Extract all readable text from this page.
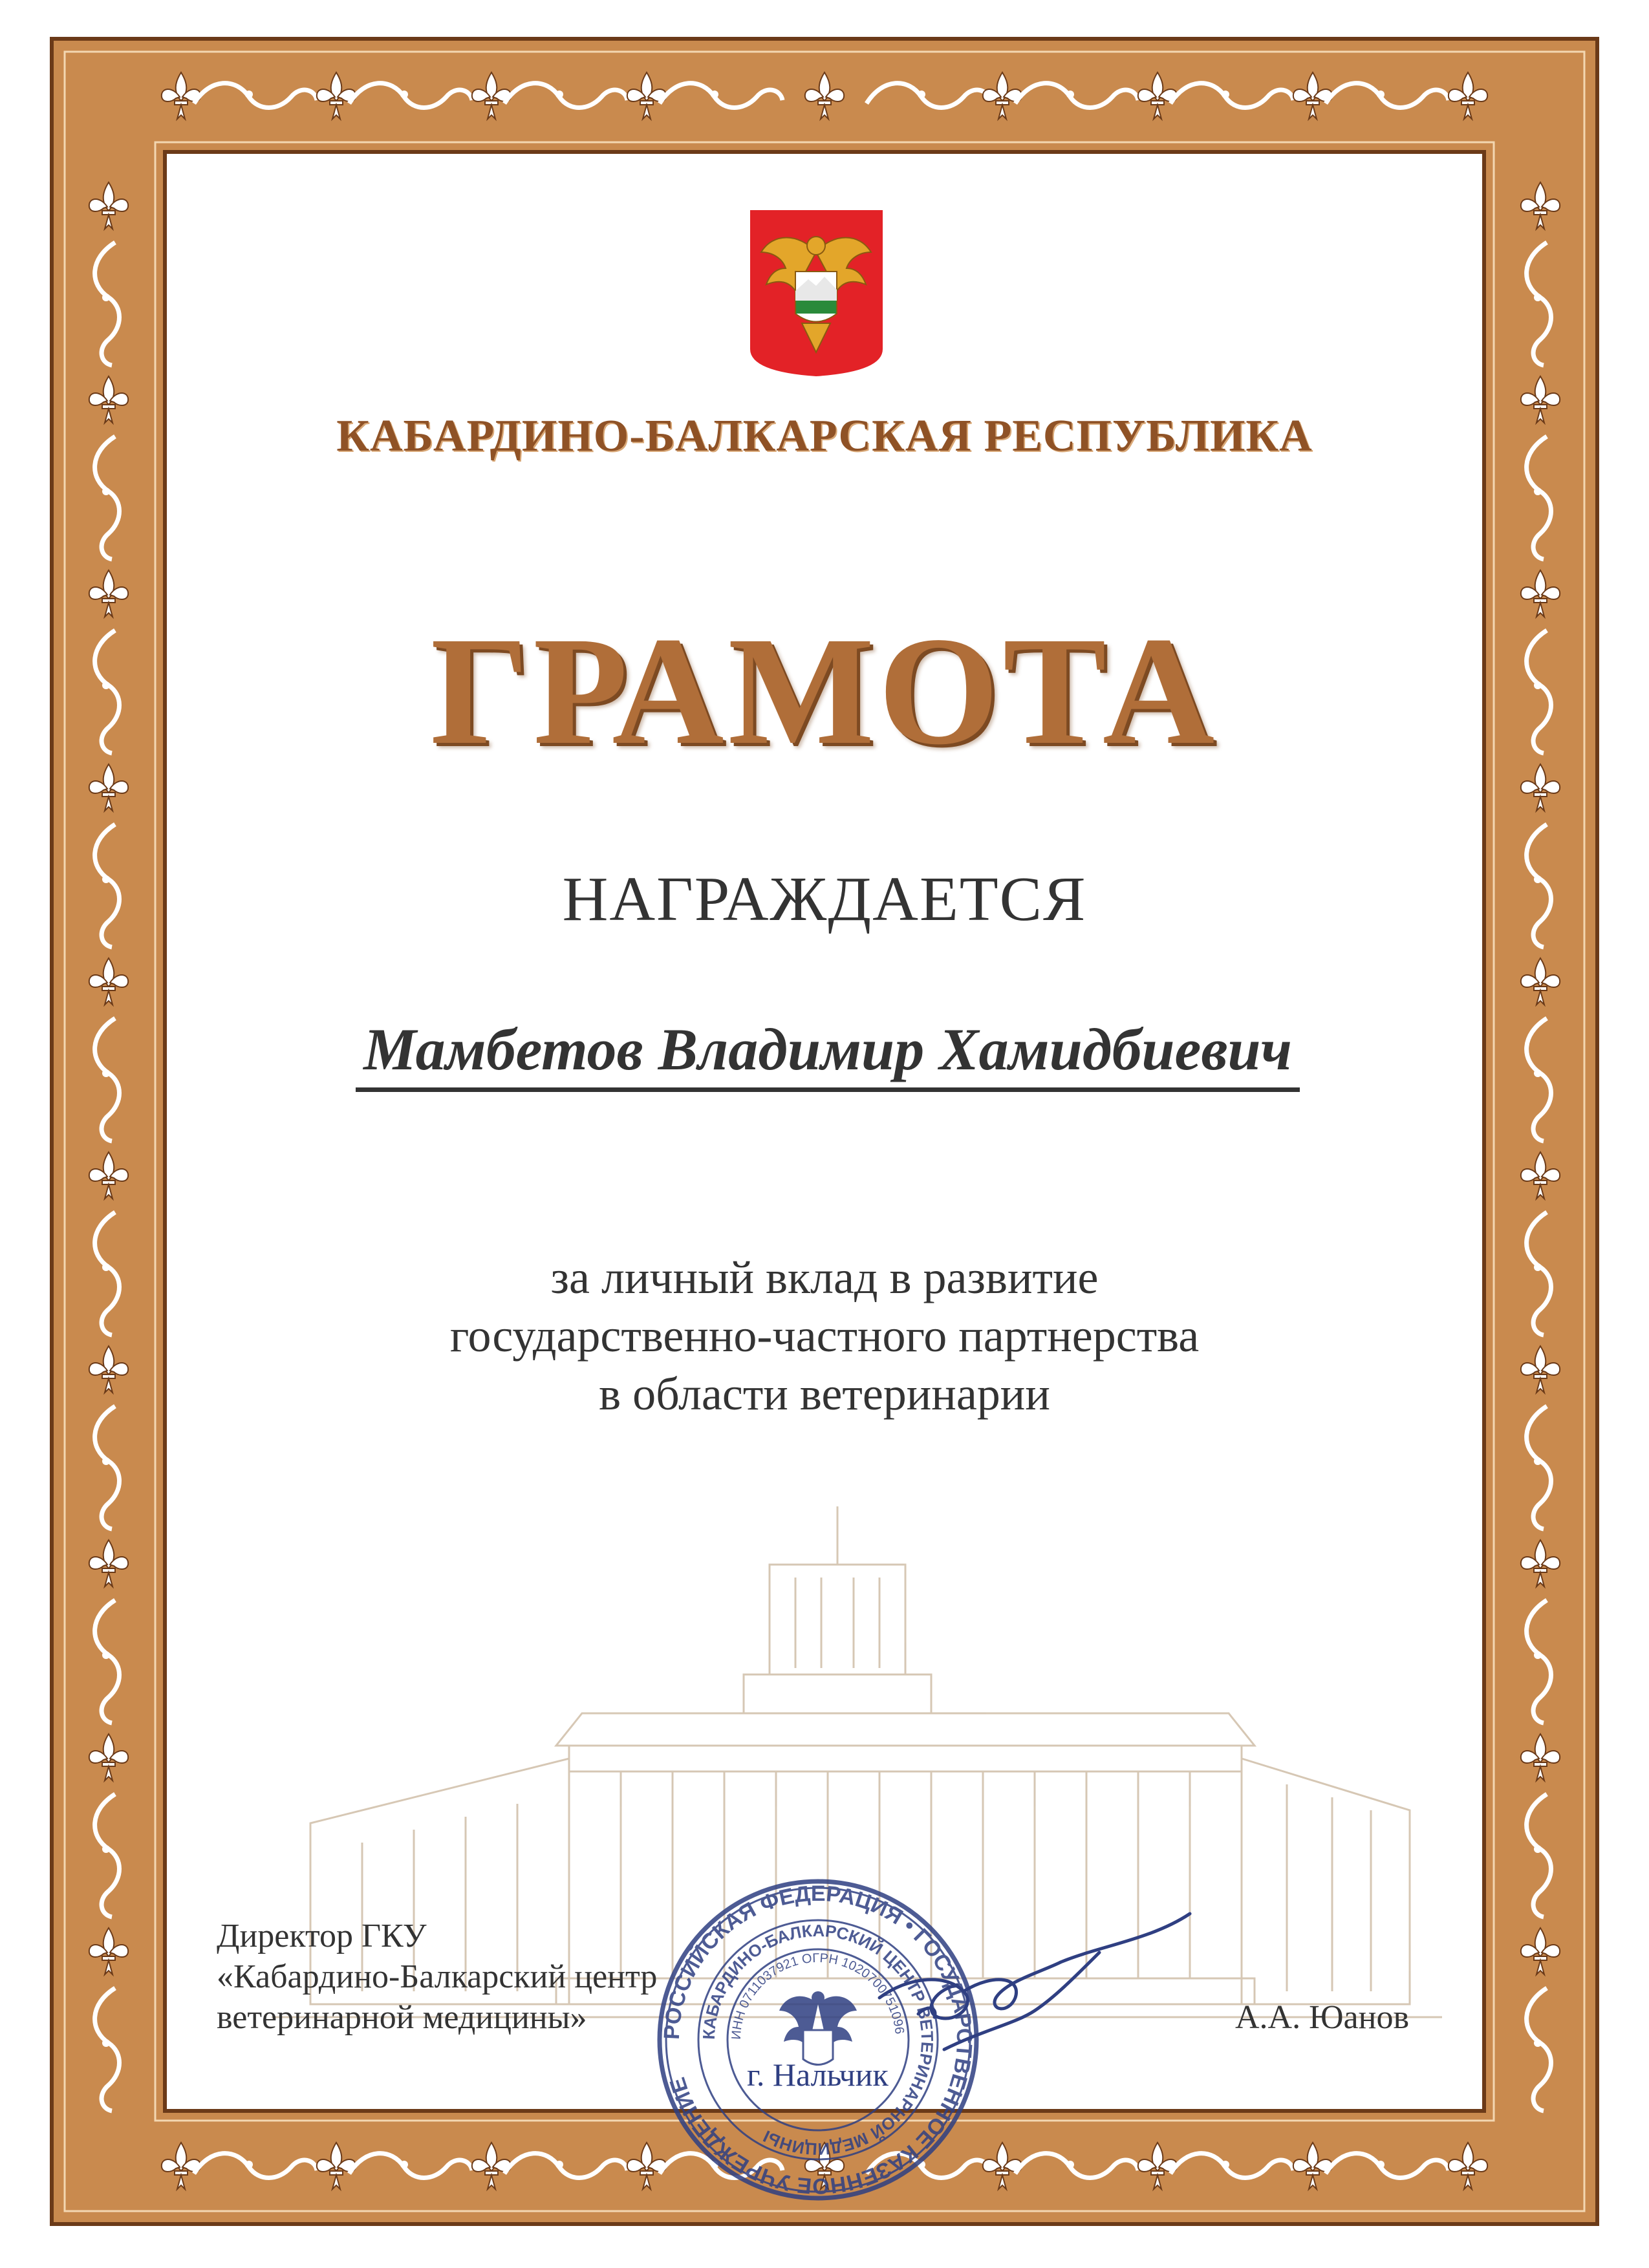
КАБАРДИНО-БАЛКАРСКАЯ РЕСПУБЛИКА

ГРАМОТА

НАГРАЖДАЕТСЯ

Мамбетов Владимир Хамидбиевич

за личный вклад в развитие

государственно-частного партнерства

в области ветеринарии

Директор ГКУ

«Кабардино-Балкарский центр

ветеринарной медицины»	А.А. Юанов

РОССИЙСКАЯ ФЕДЕРАЦИЯ • ГОСУДАРСТВЕННОЕ КАЗЕННОЕ УЧРЕЖДЕНИЕ
КАБАРДИНО-БАЛКАРСКИЙ ЦЕНТР ВЕТЕРИНАРНОЙ МЕДИЦИНЫ
ИНН 0711037921 ОГРН 1020700751096

г. Нальчик
